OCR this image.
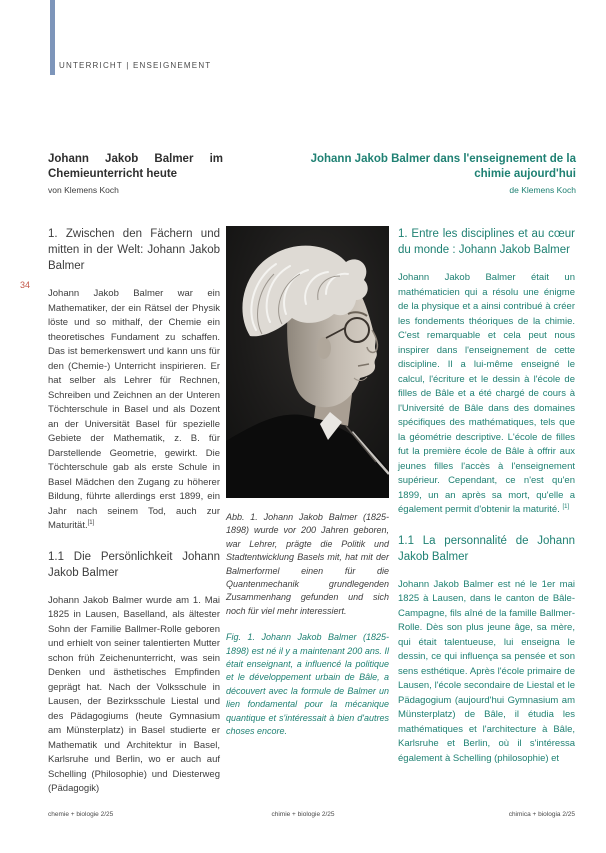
UNTERRICHT | ENSEIGNEMENT
Johann Jakob Balmer im Chemieunterricht heute
von Klemens Koch
Johann Jakob Balmer dans l'enseignement de la chimie aujourd'hui
de Klemens Koch
34
1. Zwischen den Fächern und mitten in der Welt: Johann Jakob Balmer

Johann Jakob Balmer war ein Mathematiker, der ein Rätsel der Physik löste und so mithalf, der Chemie ein theoretisches Fundament zu schaffen. Das ist bemerkenswert und kann uns für den (Chemie-) Unterricht inspirieren. Er hat selber als Lehrer für Rechnen, Schreiben und Zeichnen an der Unteren Töchterschule in Basel und als Dozent an der Universität Basel für spezielle Gebiete der Mathematik, z. B. für Darstellende Geometrie, gewirkt. Die Töchterschule gab als erste Schule in Basel Mädchen den Zugang zu höherer Bildung, führte allerdings erst 1899, ein Jahr nach seinem Tod, auch zur Maturität.[1]

1.1 Die Persönlichkeit Johann Jakob Balmer

Johann Jakob Balmer wurde am 1. Mai 1825 in Lausen, Baselland, als ältester Sohn der Familie Ballmer-Rolle geboren und erhielt von seiner talentierten Mutter schon früh Zeichenunterricht, was sein Denken und ästhetisches Empfinden geprägt hat. Nach der Volksschule in Lausen, der Bezirksschule Liestal und des Pädagogiums (heute Gymnasium am Münsterplatz) in Basel studierte er Mathematik und Architektur in Basel, Karlsruhe und Berlin, wo er auch auf Schelling (Philosophie) und Diesterweg (Pädagogik)

Abb. 1. Johann Jakob Balmer (1825-1898) wurde vor 200 Jahren geboren, war Lehrer, prägte die Politik und Stadtentwicklung Basels mit, hat mit der Balmerformel einen für die Quantenmechanik grundlegenden Zusammenhang gefunden und sich noch für viel mehr interessiert.
Fig. 1. Johann Jakob Balmer (1825-1898) est né il y a maintenant 200 ans. Il était enseignant, a influencé la politique et le développement urbain de Bâle, a découvert avec la formule de Balmer un lien fondamental pour la mécanique quantique et s'intéressait à bien d'autres choses encore.
1. Entre les disciplines et au cœur du monde : Johann Jakob Balmer

Johann Jakob Balmer était un mathématicien qui a résolu une énigme de la physique et a ainsi contribué à créer les fondements théoriques de la chimie. C'est remarquable et cela peut nous inspirer dans l'enseignement de cette discipline. Il a lui-même enseigné le calcul, l'écriture et le dessin à l'école de filles de Bâle et a été chargé de cours à l'Université de Bâle dans des domaines spécifiques des mathématiques, tels que la géométrie descriptive. L'école de filles fut la première école de Bâle à offrir aux jeunes filles l'accès à l'enseignement supérieur. Cependant, ce n'est qu'en 1899, un an après sa mort, qu'elle a également permit d'obtenir la maturité. [1]

1.1 La personnalité de Johann Jakob Balmer

Johann Jakob Balmer est né le 1er mai 1825 à Lausen, dans le canton de Bâle-Campagne, fils aîné de la famille Ballmer-Rolle. Dès son plus jeune âge, sa mère, qui était talentueuse, lui enseigna le dessin, ce qui influença sa pensée et son sens esthétique. Après l'école primaire de Lausen, l'école secondaire de Liestal et le Pädagogium (aujourd'hui Gymnasium am Münsterplatz) de Bâle, il étudia les mathématiques et l'architecture à Bâle, Karlsruhe et Berlin, où il s'intéressa également à Schelling (philosophie) et

chemie + biologie 2/25	chimie + biologie 2/25	chimica + biologia 2/25
